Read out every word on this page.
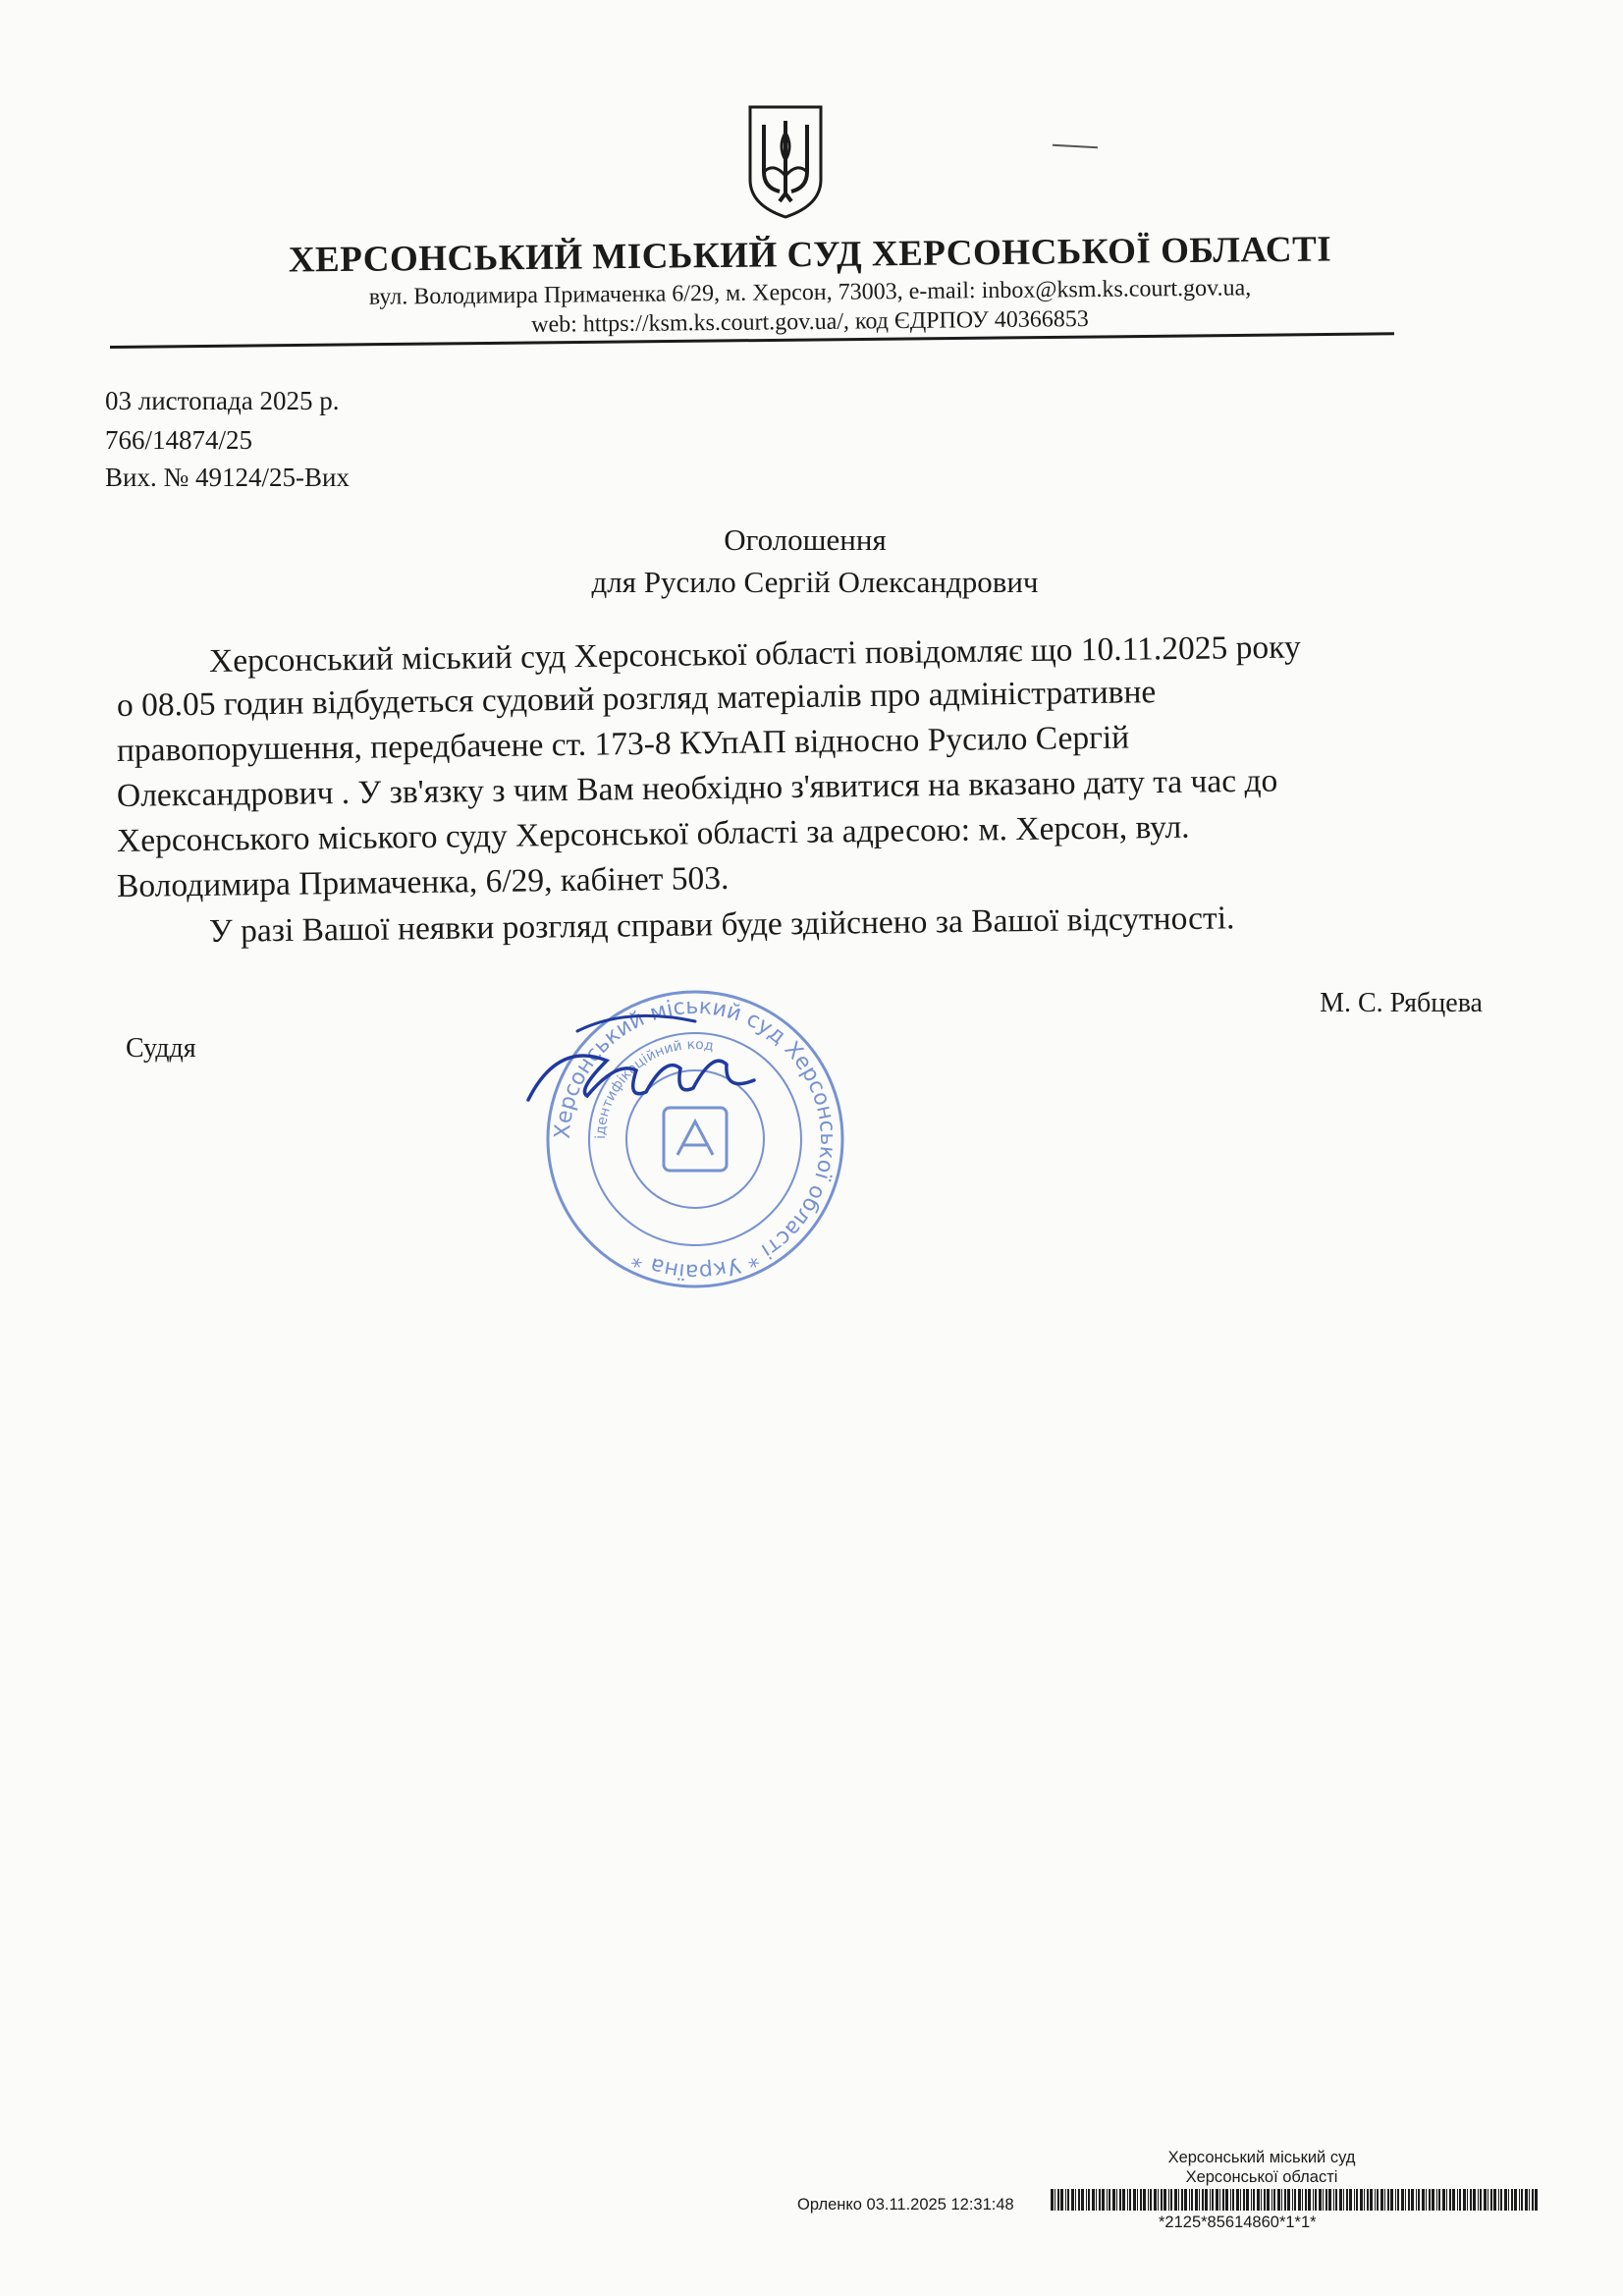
ХЕРСОНСЬКИЙ МІСЬКИЙ СУД ХЕРСОНСЬКОЇ ОБЛАСТІ
вул. Володимира Примаченка 6/29, м. Херсон, 73003, e-mail: inbox@ksm.ks.court.gov.ua,
web: https://ksm.ks.court.gov.ua/, код ЄДРПОУ 40366853
03 листопада 2025 р.
766/14874/25
Вих. № 49124/25-Вих
Оголошення
для Русило Сергій Олександрович
Херсонський міський суд Херсонської області повідомляє що 10.11.2025 року
о 08.05 годин відбудеться судовий розгляд матеріалів про адміністративне
правопорушення, передбачене ст. 173-8 КУпАП відносно Русило Сергій
Олександрович . У зв'язку з чим Вам необхідно з'явитися на вказано дату та час до
Херсонського міського суду Херсонської області за адресою: м. Херсон, вул.
Володимира Примаченка, 6/29, кабінет 503.
У разі Вашої неявки розгляд справи буде здійснено за Вашої відсутності.
М. С. Рябцева
Суддя
Херсонський міський суд Херсонської області * Україна *
ідентифікаційний код
Херсонський міський суд
Херсонської області
Орленко 03.11.2025 12:31:48
*2125*85614860*1*1*
